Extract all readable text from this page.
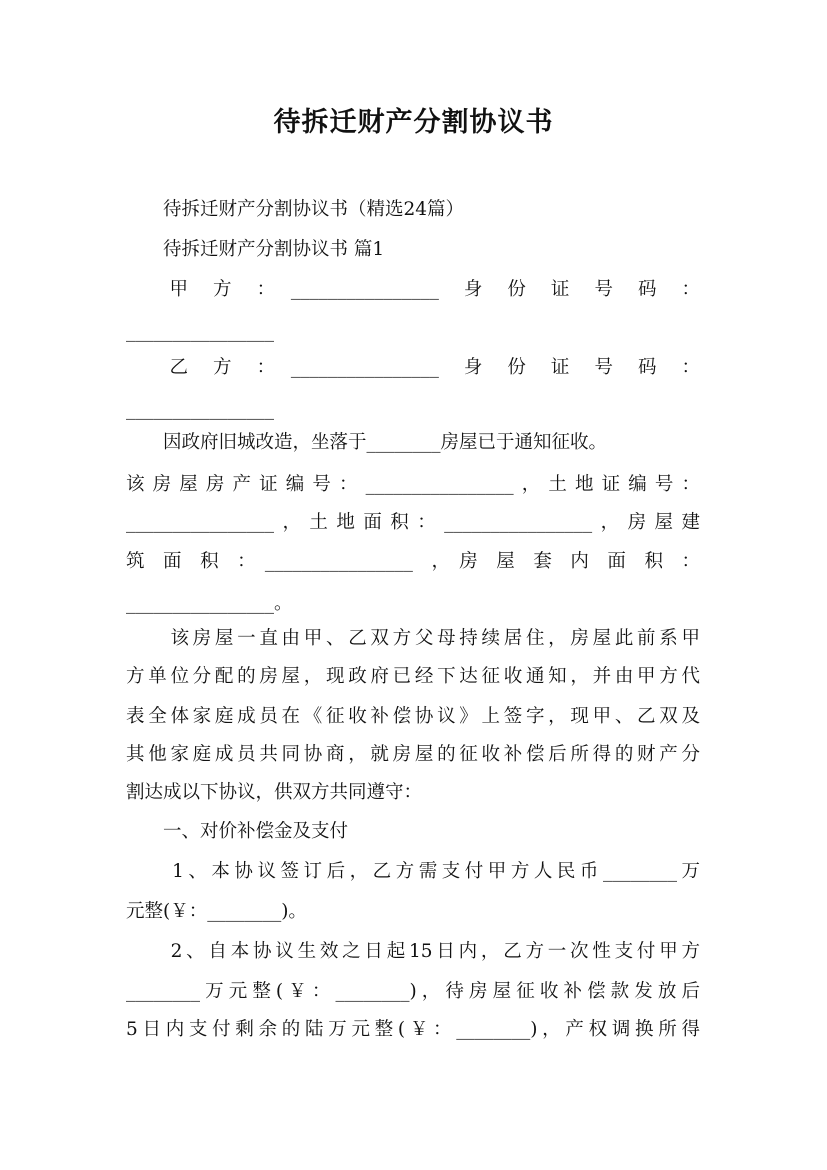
待拆迁财产分割协议书
　　待拆迁财产分割协议书（精选24篇）
　　待拆迁财产分割协议书 篇1
　　甲　方　：　________________　身　份　证　号　码　：
________________
　　乙　方　：　________________　身　份　证　号　码　：
________________
　　因政府旧城改造，坐落于________房屋已于通知征收。
该房屋房产证编号：________________，土地证编号：
________________，土地面积：________________，房屋建
筑　面　积　：　________________　，　房　屋　套　内　面　积　：
________________。
　　该房屋一直由甲、乙双方父母持续居住，房屋此前系甲
方单位分配的房屋，现政府已经下达征收通知，并由甲方代
表全体家庭成员在《征收补偿协议》上签字，现甲、乙双及
其他家庭成员共同协商，就房屋的征收补偿后所得的财产分
割达成以下协议，供双方共同遵守：
　　一、对价补偿金及支付
　　1、本协议签订后，乙方需支付甲方人民币________万
元整(￥：________)。
　　2、自本协议生效之日起15日内，乙方一次性支付甲方
________万元整(￥：________)，待房屋征收补偿款发放后
5日内支付剩余的陆万元整(￥：________)，产权调换所得
